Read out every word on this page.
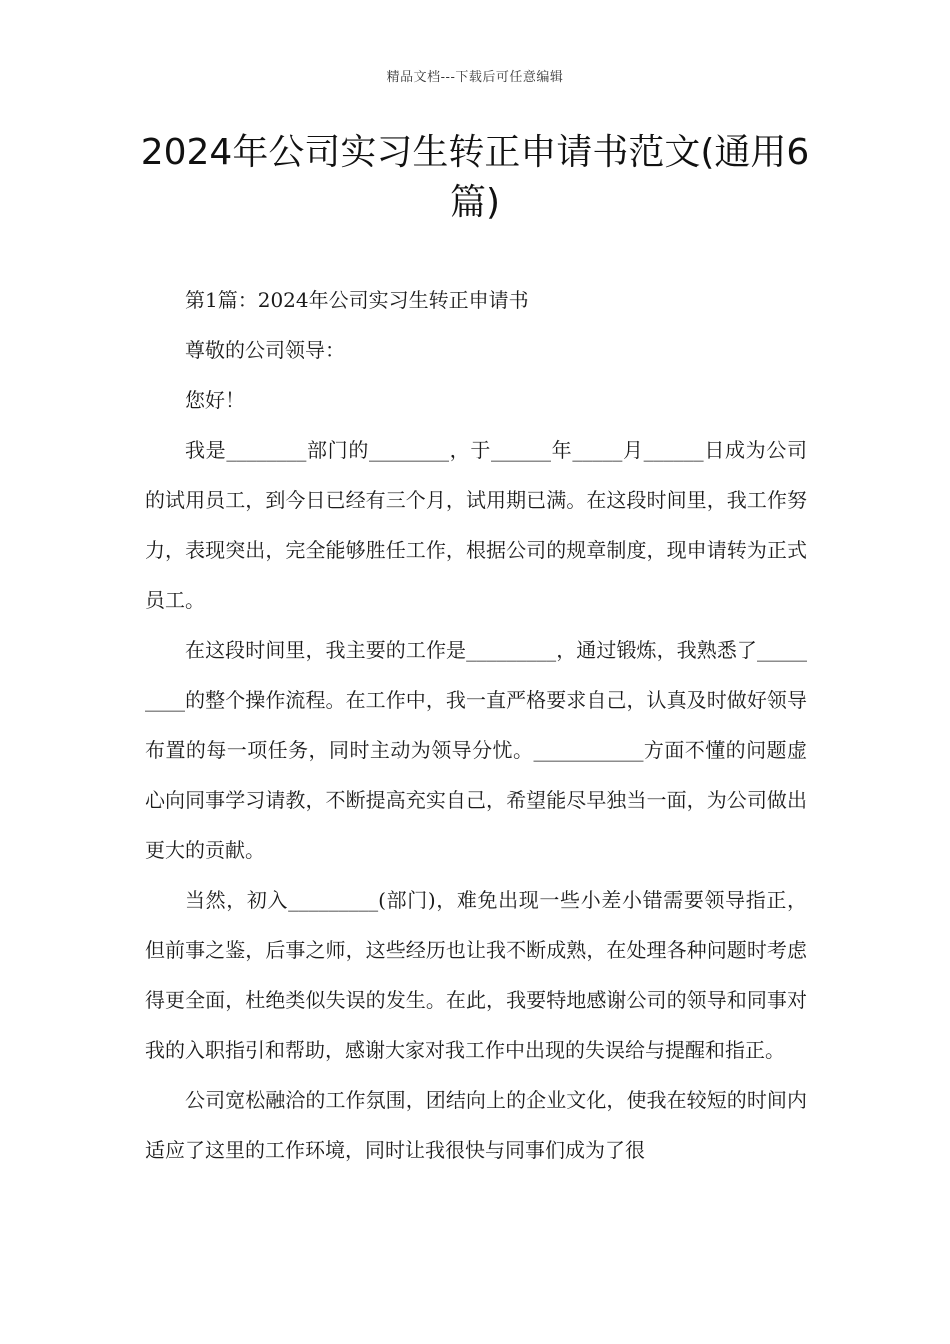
精品文档---下载后可任意编辑
2024年公司实习生转正申请书范文(通用6篇)

第1篇：2024年公司实习生转正申请书

尊敬的公司领导：

您好！

我是________部门的________，于______年_____月______日成为公司的试用员工，到今日已经有三个月，试用期已满。在这段时间里，我工作努力，表现突出，完全能够胜任工作，根据公司的规章制度，现申请转为正式员工。

在这段时间里，我主要的工作是_________，通过锻炼，我熟悉了_________的整个操作流程。在工作中，我一直严格要求自己，认真及时做好领导布置的每一项任务，同时主动为领导分忧。___________方面不懂的问题虚心向同事学习请教，不断提高充实自己，希望能尽早独当一面，为公司做出更大的贡献。

当然，初入_________(部门)，难免出现一些小差小错需要领导指正，但前事之鉴，后事之师，这些经历也让我不断成熟，在处理各种问题时考虑得更全面，杜绝类似失误的发生。在此，我要特地感谢公司的领导和同事对我的入职指引和帮助，感谢大家对我工作中出现的失误给与提醒和指正。

公司宽松融洽的工作氛围，团结向上的企业文化，使我在较短的时间内适应了这里的工作环境，同时让我很快与同事们成为了很
